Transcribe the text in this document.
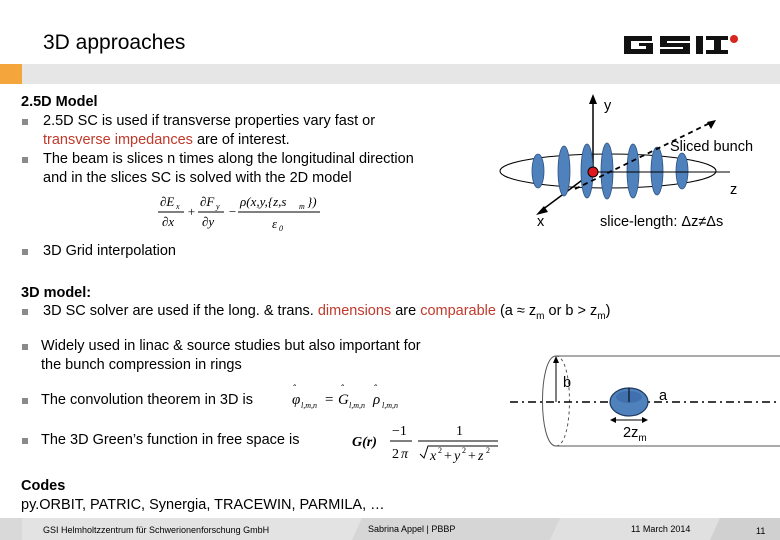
3D approaches
2.5D Model
2.5D SC is used if transverse properties vary fast or
transverse impedances are of interest.
The beam is slices n times along the longitudinal direction
and in the slices SC is solved with the 2D model
∂E x
∂x
+
∂F y
∂y
−
ρ(x,y,{z,s m })
ε 0
y
Sliced bunch
z
x	slice-length: Δz≠Δs
3D Grid interpolation
3D model:
3D SC solver are used if the long. & trans. dimensions are comparable ($a \approx z_m$ or $b > z_m$)
Widely used in linac & source studies but also important for
the bunch compression in rings
The convolution theorem in 3D is	φ
ˆ
l,m,n = G
ˆ
l,m,n ρ
ˆ
l,m,n
The 3D Green’s function in free space is	G(r)
−1
2 π
1
x 2 + y 2 + z 2
b
a
$2z_m$
Codes
py.ORBIT, PATRIC, Synergia, TRACEWIN, PARMILA, …
GSI Helmholtzzentrum für Schwerionenforschung GmbH	Sabrina Appel | PBBP	11 March 2014	11
